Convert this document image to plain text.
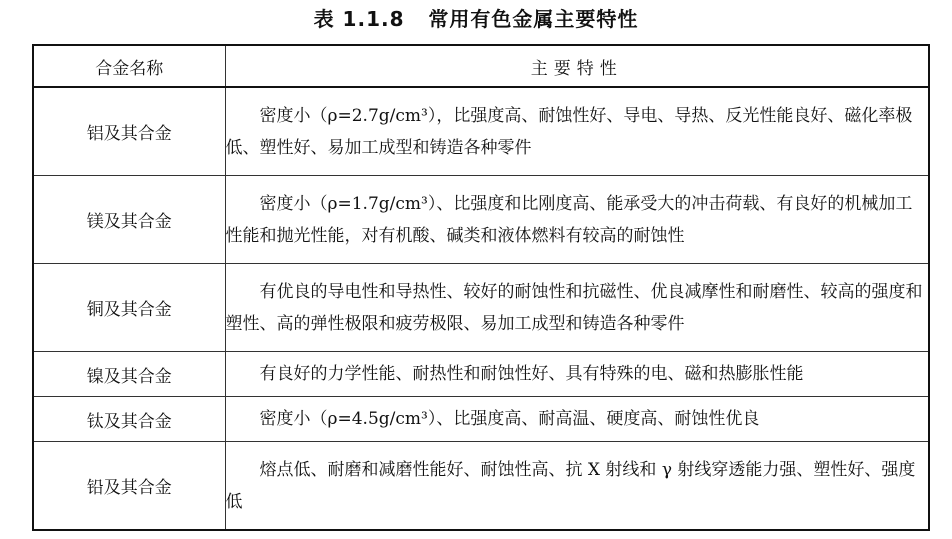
表 1.1.8   常用有色金属主要特性
合金名称	主要特性
铝及其合金	密度小（ρ=2.7g/cm³），比强度高、耐蚀性好、导电、导热、反光性能良好、磁化率极低、塑性好、易加工成型和铸造各种零件
镁及其合金	密度小（ρ=1.7g/cm³）、比强度和比刚度高、能承受大的冲击荷载、有良好的机械加工性能和抛光性能，对有机酸、碱类和液体燃料有较高的耐蚀性
铜及其合金	有优良的导电性和导热性、较好的耐蚀性和抗磁性、优良减摩性和耐磨性、较高的强度和塑性、高的弹性极限和疲劳极限、易加工成型和铸造各种零件
镍及其合金	有良好的力学性能、耐热性和耐蚀性好、具有特殊的电、磁和热膨胀性能
钛及其合金	密度小（ρ=4.5g/cm³）、比强度高、耐高温、硬度高、耐蚀性优良
铅及其合金	熔点低、耐磨和减磨性能好、耐蚀性高、抗 X 射线和 γ 射线穿透能力强、塑性好、强度低
